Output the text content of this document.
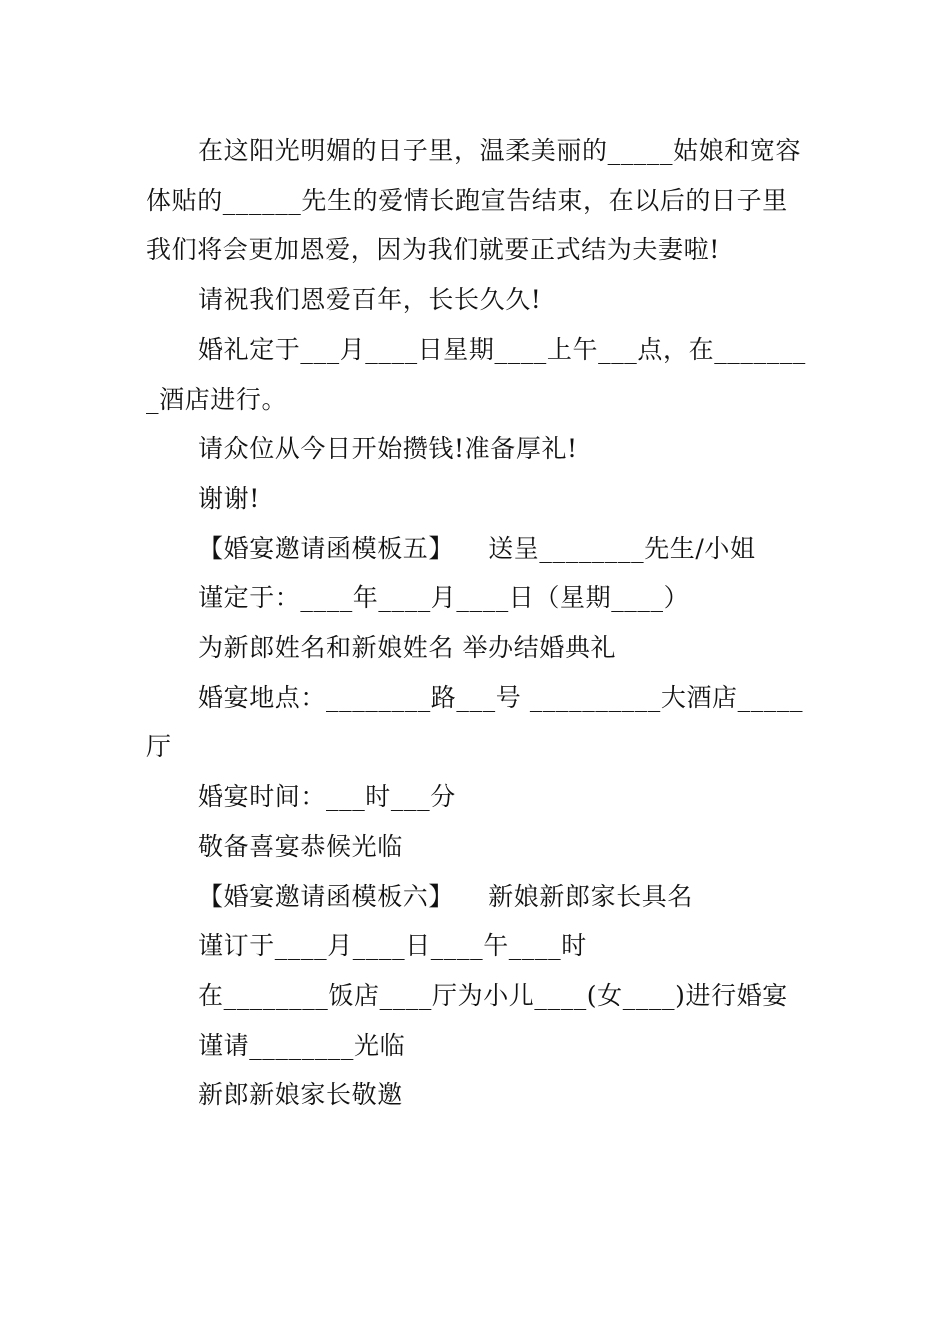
在这阳光明媚的日子里，温柔美丽的_____姑娘和宽容体贴的______先生的爱情长跑宣告结束，在以后的日子里我们将会更加恩爱，因为我们就要正式结为夫妻啦!

请祝我们恩爱百年，长长久久!

婚礼定于___月____日星期____上午___点，在________酒店进行。

请众位从今日开始攒钱!准备厚礼!

谢谢!

【婚宴邀请函模板五】    送呈________先生/小姐

谨定于：____年____月____日（星期____）

为新郎姓名和新娘姓名 举办结婚典礼

婚宴地点：________路___号 __________大酒店_____厅

婚宴时间：___时___分

敬备喜宴恭候光临

【婚宴邀请函模板六】    新娘新郎家长具名

谨订于____月____日____午____时

在________饭店____厅为小儿____(女____)进行婚宴

谨请________光临

新郎新娘家长敬邀
